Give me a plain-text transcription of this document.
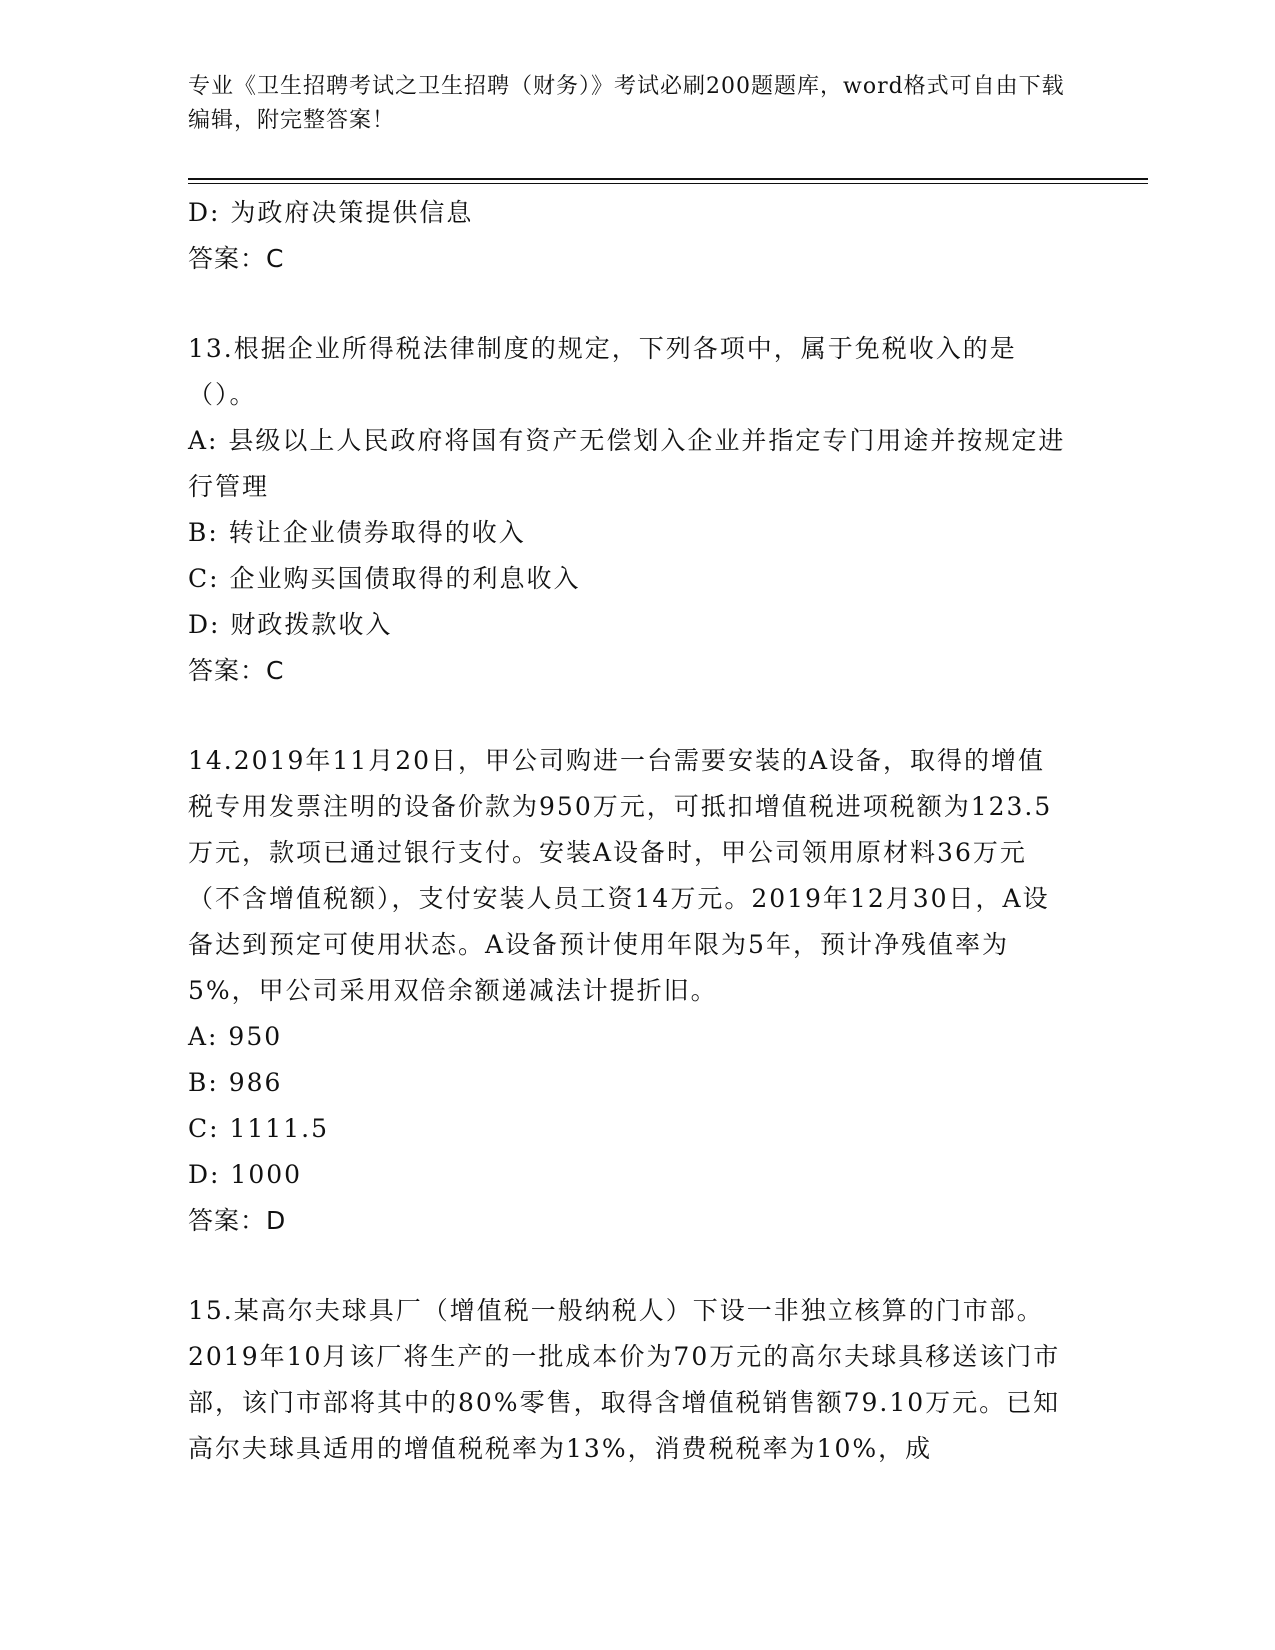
专业《卫生招聘考试之卫生招聘（财务）》考试必刷200题题库，word格式可自由下载编辑，附完整答案！
D: 为政府决策提供信息
答案：C
13.根据企业所得税法律制度的规定，下列各项中，属于免税收入的是（）。
A: 县级以上人民政府将国有资产无偿划入企业并指定专门用途并按规定进行管理
B: 转让企业债券取得的收入
C: 企业购买国债取得的利息收入
D: 财政拨款收入
答案：C
14.2019年11月20日，甲公司购进一台需要安装的A设备，取得的增值税专用发票注明的设备价款为950万元，可抵扣增值税进项税额为123.5万元，款项已通过银行支付。安装A设备时，甲公司领用原材料36万元（不含增值税额），支付安装人员工资14万元。2019年12月30日，A设备达到预定可使用状态。A设备预计使用年限为5年，预计净残值率为5%，甲公司采用双倍余额递减法计提折旧。
A: 950
B: 986
C: 1111.5
D: 1000
答案：D
15.某高尔夫球具厂（增值税一般纳税人）下设一非独立核算的门市部。2019年10月该厂将生产的一批成本价为70万元的高尔夫球具移送该门市部，该门市部将其中的80%零售，取得含增值税销售额79.10万元。已知高尔夫球具适用的增值税税率为13%，消费税税率为10%，成
